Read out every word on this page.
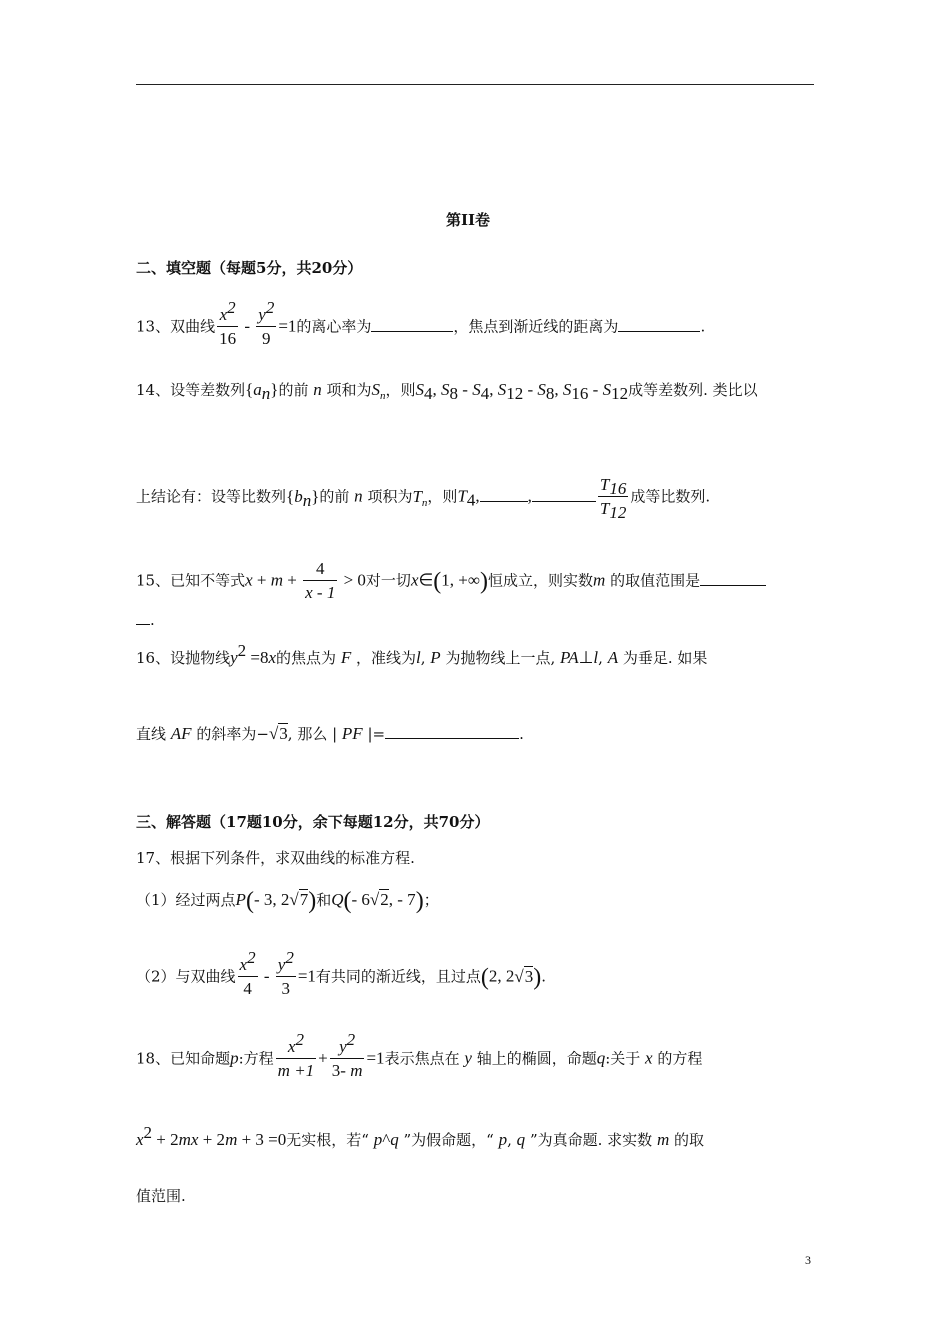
第II卷
二、填空题（每题5分，共20分）
13、双曲线 $\frac{x^2}{16} - \frac{y^2}{9} =1$的离心率为	，焦点到渐近线的距离为	.
14、设等差数列$\{a_n\}$的前 n 项和为$S_n$，则$S_4$, $S_8 - S_4$, $S_{12} - S_8$, $S_{16} - S_{12}$成等差数列. 类比以
上结论有：设等比数列$\{b_n\}$的前 n 项积为$T_n$，则$T_4$,	,	$\frac{T_{16}}{T_{12}}$ 成等比数列.
15、已知不等式$x + m + \frac{4}{x - 1} > 0$对一切x∈(1, +∞)恒成立，则实数m 的取值范围是
.
16、设抛物线$y^2 =8x$的焦点为 F ，准线为l, P 为抛物线上一点, PA⊥l, A 为垂足. 如果
直线 AF 的斜率为−√3, 那么 | PF |=	.
三、解答题（17题10分，余下每题12分，共70分）
17、根据下列条件，求双曲线的标准方程.
（1）经过两点P(- 3, 2√7)和Q(- 6√2, - 7)；
（2）与双曲线 $\frac{x^2}{4} - \frac{y^2}{3} =1$有共同的渐近线，且过点(2, 2√3).
18、已知命题p:方程 $\frac{x^2}{m +1} + \frac{y^2}{3- m} =1$表示焦点在 y 轴上的椭圆，命题q:关于 x 的方程
$x^2 + 2mx + 2m + 3 =0$无实根，若“ p^q ”为假命题，“ p, q ”为真命题. 求实数 m 的取
值范围.
3
